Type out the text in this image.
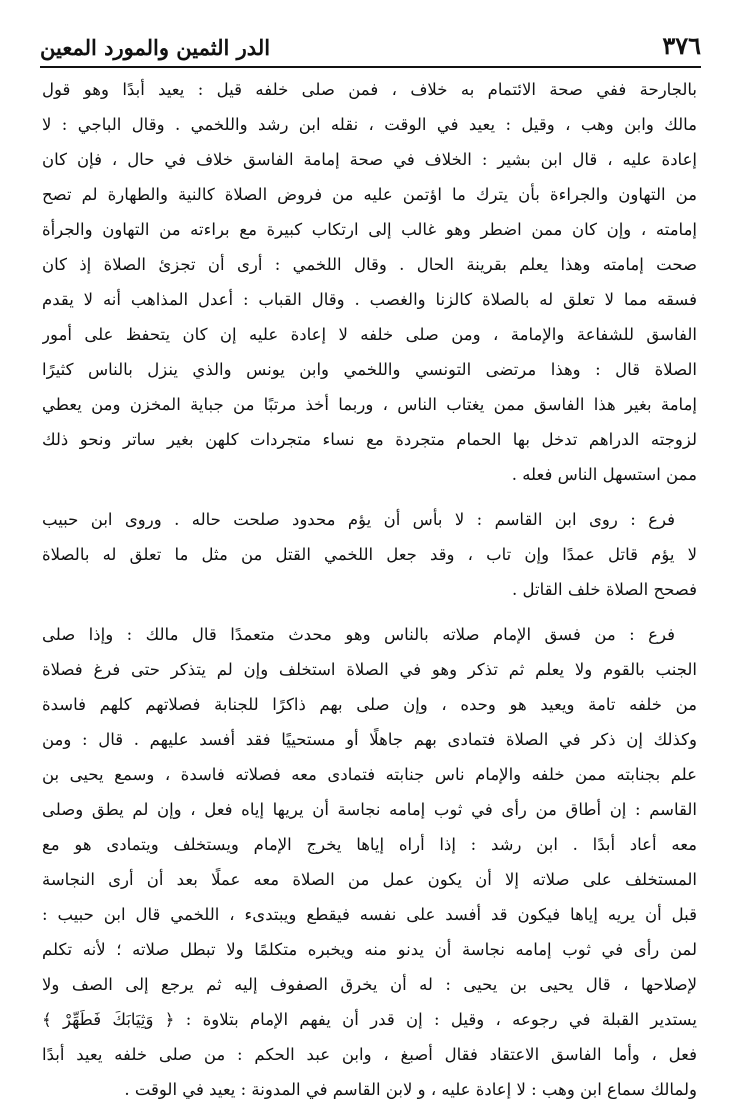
٣٧٦
الدر الثمين والمورد المعين
بالجارحة ففي صحة الائتمام به خلاف ، فمن صلى خلفه قيل : يعيد أبدًا وهو قول
مالك وابن وهب ، وقيل : يعيد في الوقت ، نقله ابن رشد واللخمي . وقال الباجي : لا
إعادة عليه ، قال ابن بشير : الخلاف في صحة إمامة الفاسق خلاف في حال ، فإن كان
من التهاون والجراءة بأن يترك ما اؤتمن عليه من فروض الصلاة كالنية والطهارة لم تصح
إمامته ، وإن كان ممن اضطر وهو غالب إلى ارتكاب كبيرة مع براءته من التهاون والجرأة
صحت إمامته وهذا يعلم بقرينة الحال . وقال اللخمي : أرى أن تجزئ الصلاة إذ كان
فسقه مما لا تعلق له بالصلاة كالزنا والغصب . وقال القباب : أعدل المذاهب أنه لا يقدم
الفاسق للشفاعة والإمامة ، ومن صلى خلفه لا إعادة عليه إن كان يتحفظ على أمور
الصلاة قال : وهذا مرتضى التونسي واللخمي وابن يونس والذي ينزل بالناس كثيرًا
إمامة بغير هذا الفاسق ممن يغتاب الناس ، وربما أخذ مرتبًا من جباية المخزن ومن يعطي
لزوجته الدراهم تدخل بها الحمام متجردة مع نساء متجردات كلهن بغير ساتر ونحو ذلك
ممن استسهل الناس فعله .
فرع : روى ابن القاسم : لا بأس أن يؤم محدود صلحت حاله . وروى ابن حبيب
لا يؤم قاتل عمدًا وإن تاب ، وقد جعل اللخمي القتل من مثل ما تعلق له بالصلاة
فصحح الصلاة خلف القاتل .
فرع : من فسق الإمام صلاته بالناس وهو محدث متعمدًا قال مالك : وإذا صلى
الجنب بالقوم ولا يعلم ثم تذكر وهو في الصلاة استخلف وإن لم يتذكر حتى فرغ فصلاة
من خلفه تامة ويعيد هو وحده ، وإن صلى بهم ذاكرًا للجنابة فصلاتهم كلهم فاسدة
وكذلك إن ذكر في الصلاة فتمادى بهم جاهلًا أو مستحييًا فقد أفسد عليهم . قال : ومن
علم بجنابته ممن خلفه والإمام ناس جنابته فتمادى معه فصلاته فاسدة ، وسمع يحيى بن
القاسم : إن أطاق من رأى في ثوب إمامه نجاسة أن يريها إياه فعل ، وإن لم يطق وصلى
معه أعاد أبدًا . ابن رشد : إذا أراه إياها يخرج الإمام ويستخلف ويتمادى هو مع
المستخلف على صلاته إلا أن يكون عمل من الصلاة معه عملًا بعد أن أرى النجاسة
قبل أن يريه إياها فيكون قد أفسد على نفسه فيقطع ويبتدىء ، اللخمي قال ابن حبيب :
لمن رأى في ثوب إمامه نجاسة أن يدنو منه ويخبره متكلمًا ولا تبطل صلاته ؛ لأنه تكلم
لإصلاحها ، قال يحيى بن يحيى : له أن يخرق الصفوف إليه ثم يرجع إلى الصف ولا
يستدير القبلة في رجوعه ، وقيل : إن قدر أن يفهم الإمام بتلاوة : ﴿ وَثِيَابَكَ فَطَهِّرْ ﴾
فعل ، وأما الفاسق الاعتقاد فقال أصبغ ، وابن عبد الحكم : من صلى خلفه يعيد أبدًا
ولمالك سماع ابن وهب : لا إعادة عليه ، و لابن القاسم في المدونة : يعيد في الوقت .
